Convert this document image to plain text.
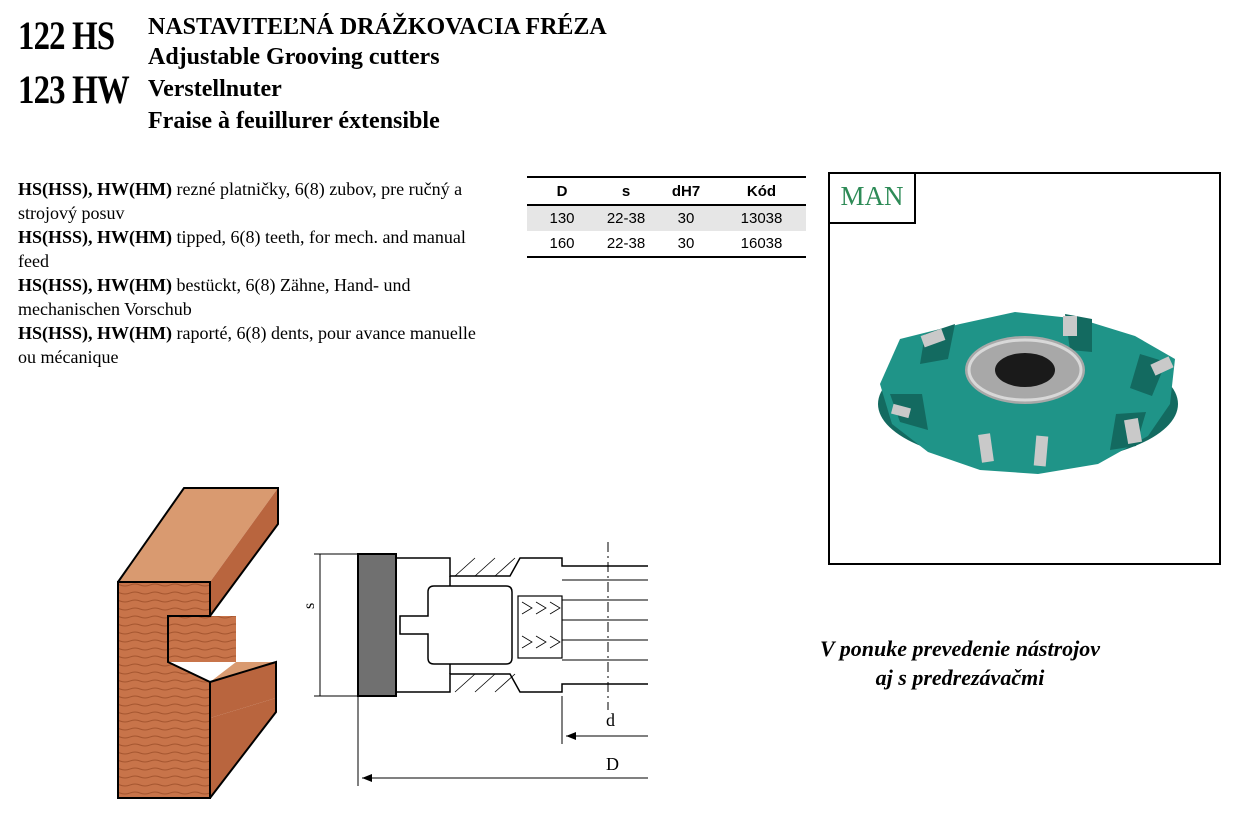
122 HS
123 HW
NASTAVITEĽNÁ DRÁŽKOVACIA FRÉZA
Adjustable Grooving cutters
Verstellnuter
Fraise à feuillurer éxtensible
HS(HSS), HW(HM) rezné platničky, 6(8) zubov, pre ručný a strojový posuv
HS(HSS), HW(HM) tipped, 6(8) teeth, for mech. and manual feed
HS(HSS), HW(HM) bestückt, 6(8) Zähne, Hand- und mechanischen Vorschub
HS(HSS), HW(HM) raporté, 6(8) dents, pour avance manuelle ou mécanique
D	s	dH7	Kód
130	22-38	30	13038
160	22-38	30	16038
MAN
s
d
D
V ponuke prevedenie nástrojov
aj s predrezávačmi
